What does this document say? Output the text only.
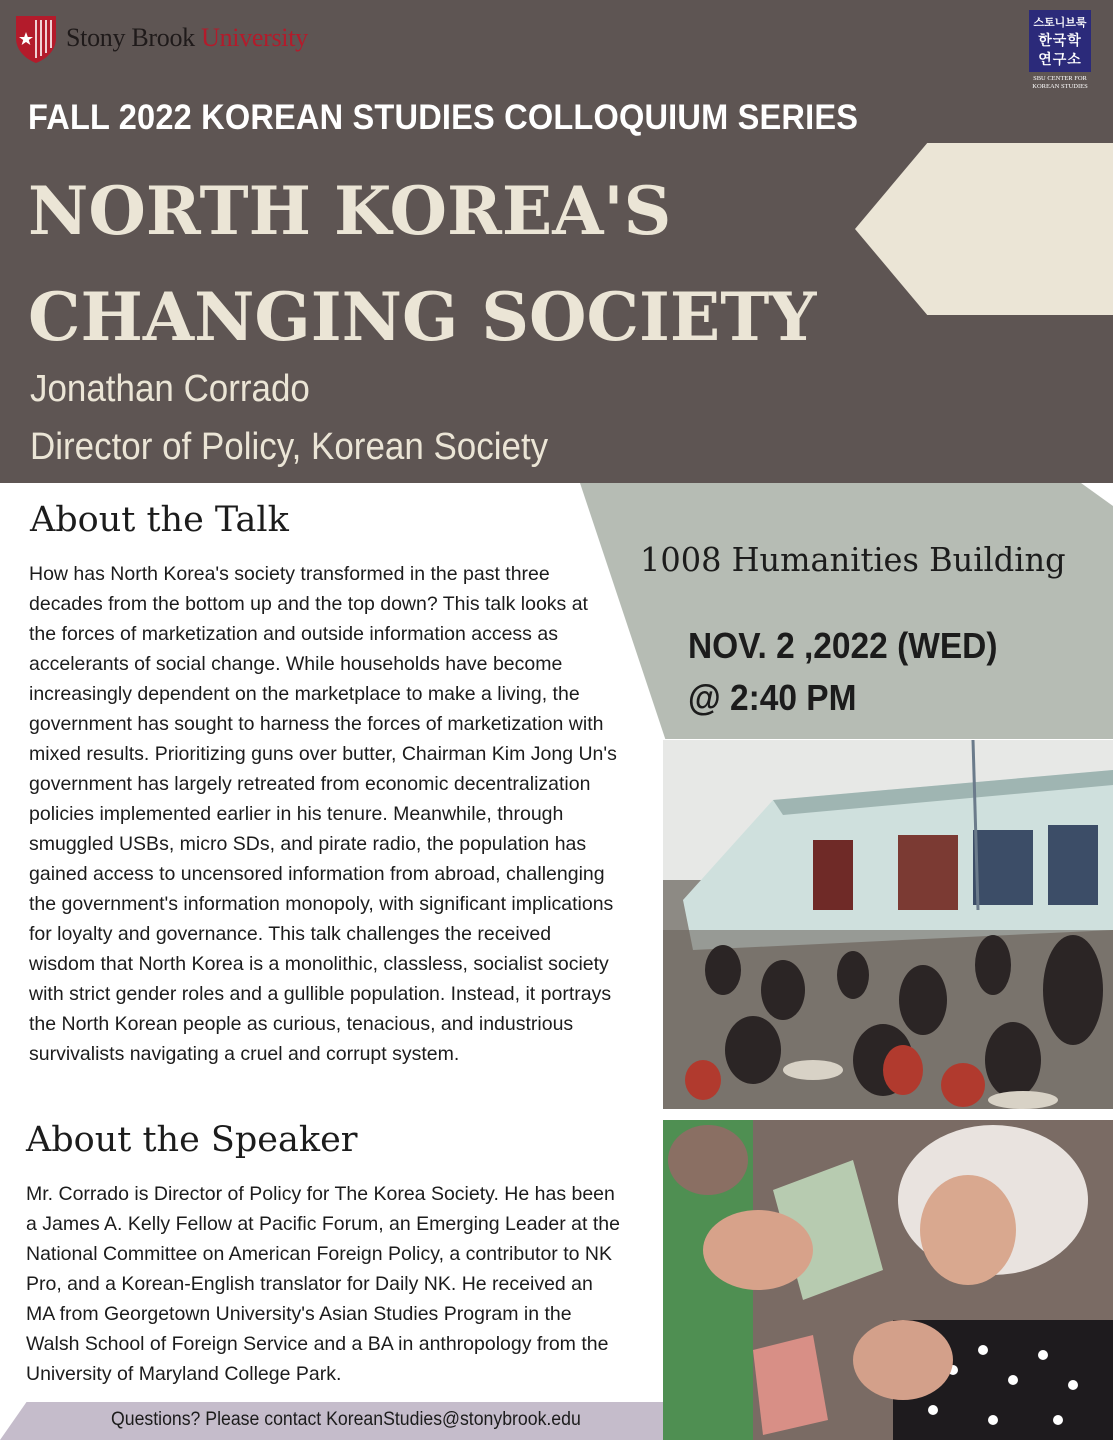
Stony Brook University
스토니브룩
한국학
연구소
SBU CENTER FOR
KOREAN STUDIES
FALL 2022 KOREAN STUDIES COLLOQUIUM SERIES
NORTH KOREA'S
CHANGING SOCIETY
Jonathan Corrado
Director of Policy, Korean Society
1008 Humanities Building
NOV. 2 ,2022 (WED)
@ 2:40 PM
About the Talk
How has North Korea's society transformed in the past three decades from the bottom up and the top down? This talk looks at the forces of marketization and outside information access as accelerants of social change. While households have become increasingly dependent on the marketplace to make a living, the government has sought to harness the forces of marketization with mixed results. Prioritizing guns over butter, Chairman Kim Jong Un's government has largely retreated from economic decentralization policies implemented earlier in his tenure. Meanwhile, through smuggled USBs, micro SDs, and pirate radio, the population has gained access to uncensored information from abroad, challenging the government's information monopoly, with significant implications for loyalty and governance. This talk challenges the received wisdom that North Korea is a monolithic, classless, socialist society with strict gender roles and a gullible population. Instead, it portrays the North Korean people as curious, tenacious, and industrious survivalists navigating a cruel and corrupt system.
About the Speaker
Mr. Corrado is Director of Policy for The Korea Society. He has been a James A. Kelly Fellow at Pacific Forum, an Emerging Leader at the National Committee on American Foreign Policy, a contributor to NK Pro, and a Korean-English translator for Daily NK. He received an MA from Georgetown University's Asian Studies Program in the Walsh School of Foreign Service and a BA in anthropology from the University of Maryland College Park.
Questions? Please contact KoreanStudies@stonybrook.edu
